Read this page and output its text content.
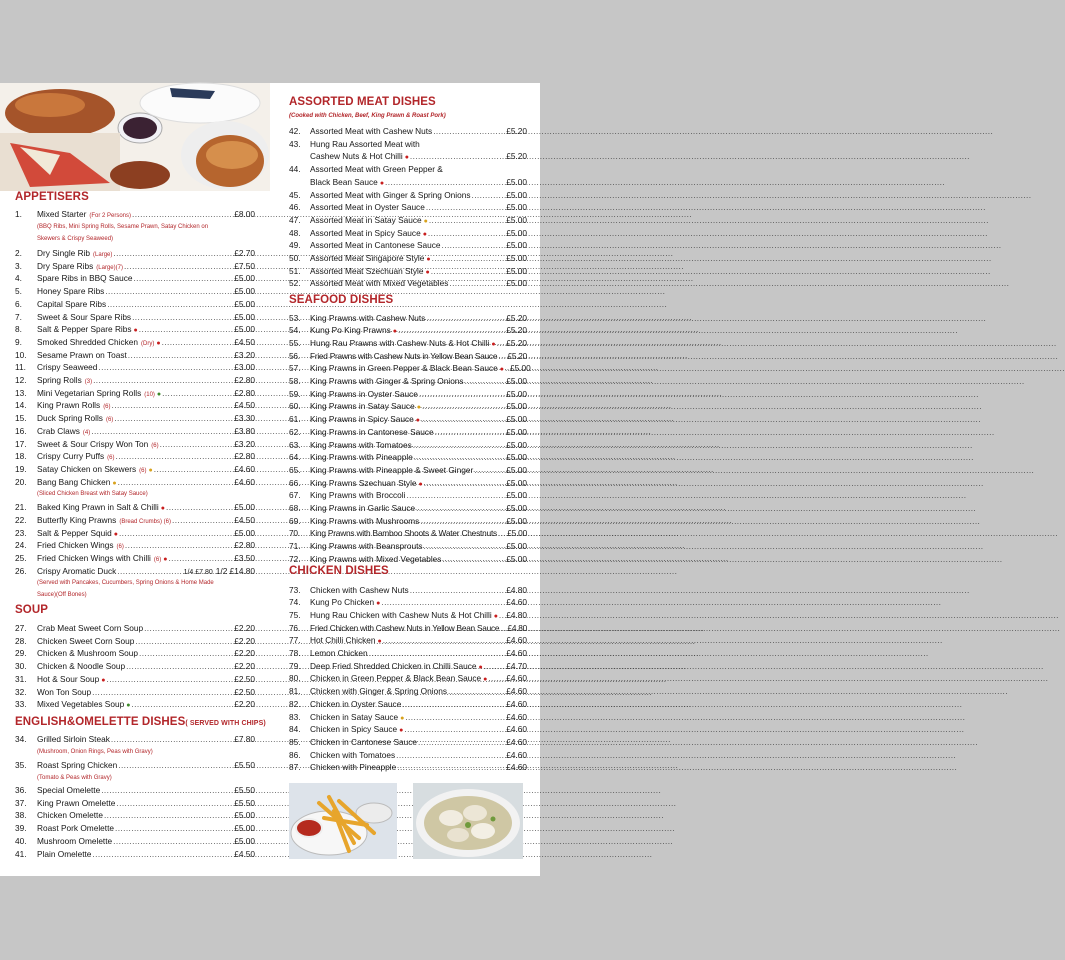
APPETISERS
1.	Mixed Starter (For 2 Persons) .....	£8.00
(BBQ Ribs, Mini Spring Rolls, Sesame Prawn, Satay Chicken on
Skewers & Crispy Seaweed)
2.	Dry Single Rib (Large) .....	£2.70
3.	Dry Spare Ribs (Large)(7) .....	£7.50
4.	Spare Ribs in BBQ Sauce .....	£5.00
5.	Honey Spare Ribs .....	£5.00
6.	Capital Spare Ribs .....	£5.00
7.	Sweet & Sour Spare Ribs .....	£5.00
8.	Salt & Pepper Spare Ribs ● .....	£5.00
9.	Smoked Shredded Chicken (Dry) ● .....	£4.50
10.	Sesame Prawn on Toast .....	£3.20
11.	Crispy Seaweed .....	£3.00
12.	Spring Rolls (3) .....	£2.80
13.	Mini Vegetarian Spring Rolls (10) ● .....	£2.80
14.	King Prawn Rolls (6) .....	£4.50
15.	Duck Spring Rolls (6) .....	£3.30
16.	Crab Claws (4) .....	£3.80
17.	Sweet & Sour Crispy Won Ton (6) .....	£3.20
18.	Crispy Curry Puffs (6) .....	£2.80
19.	Satay Chicken on Skewers (6) ● .....	£4.60
20.	Bang Bang Chicken ● .....	£4.60
(Sliced Chicken Breast with Satay Sauce)
21.	Baked King Prawn in Salt & Chilli ● .....	£5.00
22.	Butterfly King Prawns (Bread Crumbs) (6) .....	£4.50
23.	Salt & Pepper Squid ● .....	£5.00
24.	Fried Chicken Wings (6) .....	£2.80
25.	Fried Chicken Wings with Chilli (6) ● .....	£3.50
26.	Crispy Aromatic Duck .....	1/4 £7.80 1/2 £14.80
(Served with Pancakes, Cucumbers, Spring Onions & Home Made
Sauce)(Off Bones)
SOUP
27.	Crab Meat Sweet Corn Soup .....	£2.20
28.	Chicken Sweet Corn Soup .....	£2.20
29.	Chicken & Mushroom Soup .....	£2.20
30.	Chicken & Noodle Soup .....	£2.20
31.	Hot & Sour Soup ● .....	£2.50
32.	Won Ton Soup .....	£2.50
33.	Mixed Vegetables Soup ● .....	£2.20
ENGLISH&OMELETTE DISHES( SERVED WITH CHIPS)
34.	Grilled Sirloin Steak .....	£7.80
(Mushroom, Onion Rings, Peas with Gravy)
35.	Roast Spring Chicken .....	£5.50
(Tomato & Peas with Gravy)
36.	Special Omelette .....	£5.50
37.	King Prawn Omelette .....	£5.50
38.	Chicken Omelette .....	£5.00
39.	Roast Pork Omelette .....	£5.00
40.	Mushroom Omelette .....	£5.00
41.	Plain Omelette .....	£4.50
ASSORTED MEAT DISHES
(Cooked with Chicken, Beef, King Prawn & Roast Pork)
42.	Assorted Meat with Cashew Nuts .....	£5.20
43.	Hung Rau Assorted Meat with
Cashew Nuts & Hot Chilli ● .....	£5.20
44.	Assorted Meat with Green Pepper &
Black Bean Sauce ● .....	£5.00
45.	Assorted Meat with Ginger & Spring Onions .....	£5.00
46.	Assorted Meat in Oyster Sauce .....	£5.00
47.	Assorted Meat in Satay Sauce ● .....	£5.00
48.	Assorted Meat in Spicy Sauce ● .....	£5.00
49.	Assorted Meat in Cantonese Sauce .....	£5.00
50.	Assorted Meat Singapore Style ● .....	£5.00
51.	Assorted Meat Szechuan Style ● .....	£5.00
52.	Assorted Meat with Mixed Vegetables .....	£5.00
SEAFOOD DISHES
53.	King Prawns with Cashew Nuts .....	£5.20
54.	Kung Po King Prawns ● .....	£5.20
55.	Hung Rau Prawns with Cashew Nuts & Hot Chilli ● ..... £5.20
56.	Fried Prawns with Cashew Nuts in Yellow Bean Sauce ..... £5.20
57.	King Prawns in Green Pepper & Black Bean Sauce ● ..... £5.00
58.	King Prawns with Ginger & Spring Onions .....	£5.00
59.	King Prawns in Oyster Sauce .....	£5.00
60.	King Prawns in Satay Sauce ● .....	£5.00
61.	King Prawns in Spicy Sauce ● .....	£5.00
62.	King Prawns in Cantonese Sauce .....	£5.00
63.	King Prawns with Tomatoes .....	£5.00
64.	King Prawns with Pineapple .....	£5.00
65.	King Prawns with Pineapple & Sweet Ginger .....	£5.00
66.	King Prawns Szechuan Style ● .....	£5.00
67.	King Prawns with Broccoli .....	£5.00
68.	King Prawns in Garlic Sauce .....	£5.00
69.	King Prawns with Mushrooms .....	£5.00
70.	King Prawns with Bamboo Shoots & Water Chestnuts ..... £5.00
71.	King Prawns with Beansprouts .....	£5.00
72.	King Prawns with Mixed Vegetables .....	£5.00
CHICKEN DISHES
73.	Chicken with Cashew Nuts .....	£4.80
74.	Kung Po Chicken ● .....	£4.60
75.	Hung Rau Chicken with Cashew Nuts & Hot Chilli ● ..... £4.80
76.	Fried Chicken with Cashew Nuts in Yellow Bean Sauce ..... £4.80
77.	Hot Chilli Chicken ● .....	£4.60
78.	Lemon Chicken .....	£4.60
79.	Deep Fried Shredded Chicken in Chilli Sauce ● .....	£4.70
80.	Chicken in Green Pepper & Black Bean Sauce ● ..... £4.60
81.	Chicken with Ginger & Spring Onions .....	£4.60
82.	Chicken in Oyster Sauce .....	£4.60
83.	Chicken in Satay Sauce ● .....	£4.60
84.	Chicken in Spicy Sauce ● .....	£4.60
85.	Chicken in Cantonese Sauce .....	£4.60
86.	Chicken with Tomatoes .....	£4.60
87.	Chicken with Pineapple .....	£4.60
